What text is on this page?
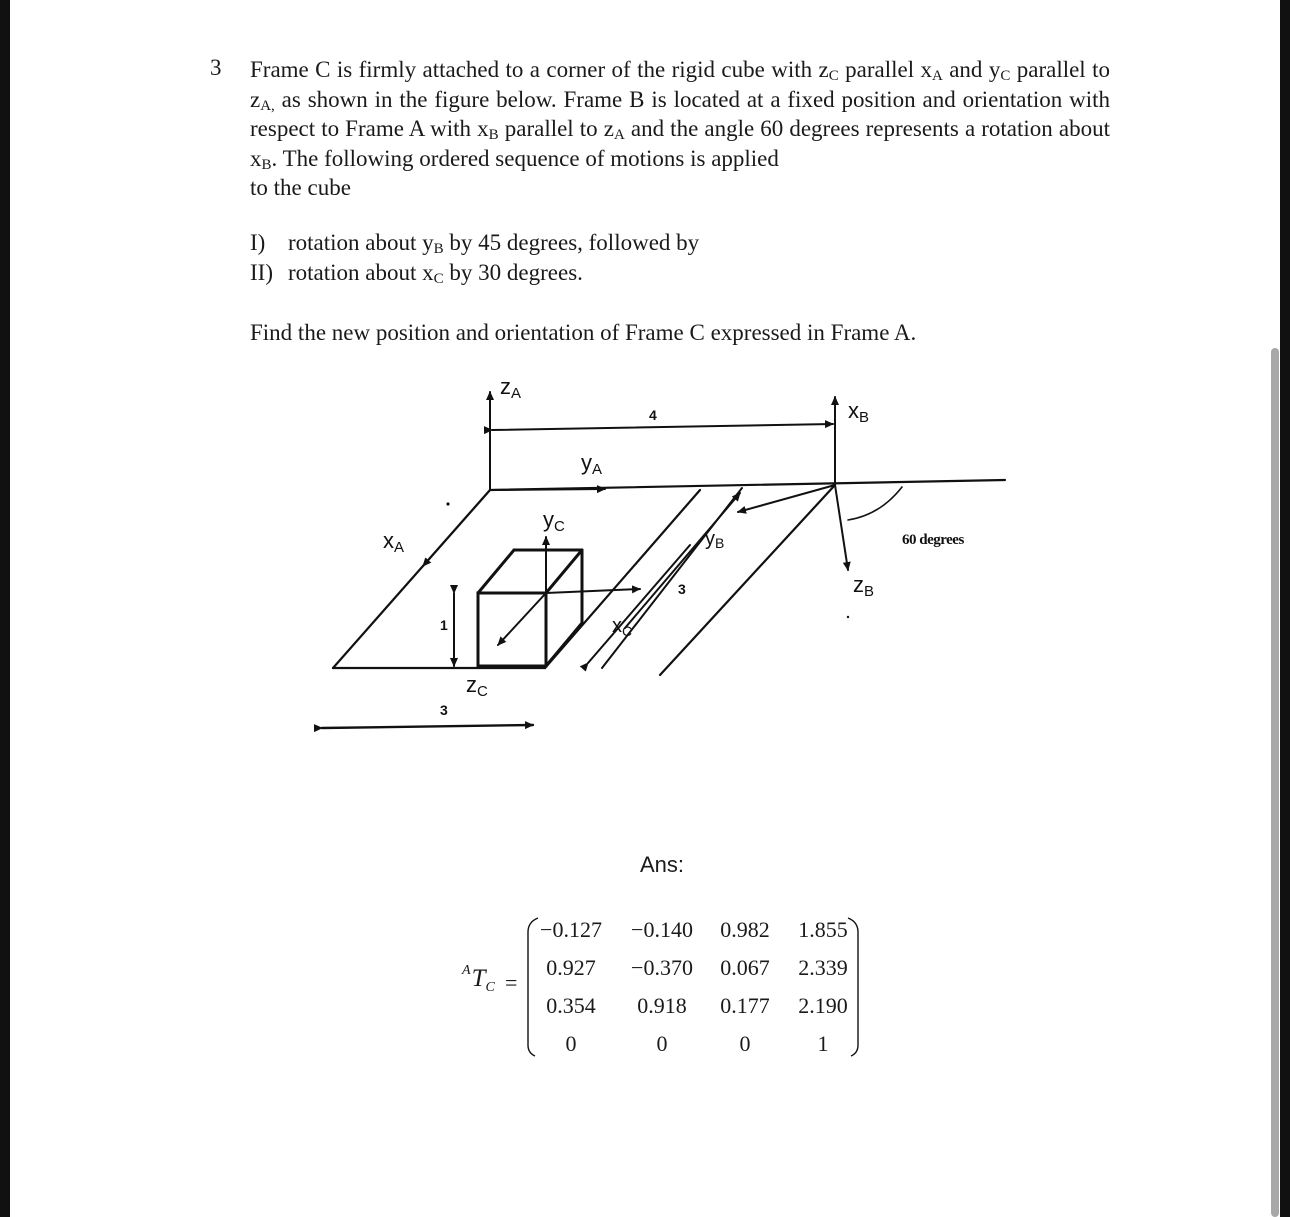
3 Frame C is firmly attached to a corner of the rigid cube with $z_C$ parallel $x_A$ and $y_C$ parallel to $z_{A,}$ as shown in the figure below. Frame B is located at a fixed position and orientation with respect to Frame A with $x_B$ parallel to $z_A$ and the angle 60 degrees represents a rotation about $x_B$. The following ordered sequence of motions is applied
to the cube

I) rotation about $y_B$ by 45 degrees, followed by
II) rotation about $x_C$ by 30 degrees.
Find the new position and orientation of Frame C expressed in Frame A.
zA
yA
xA
yC
$x_C$
zC
xB
yB
zB
4
3
1
3
60 degrees
Ans:
$^AT_C$ =
−0.127	−0.140	0.982	1.855
0.927	−0.370	0.067	2.339
0.354	0.918	0.177	2.190
0	0	0	1
